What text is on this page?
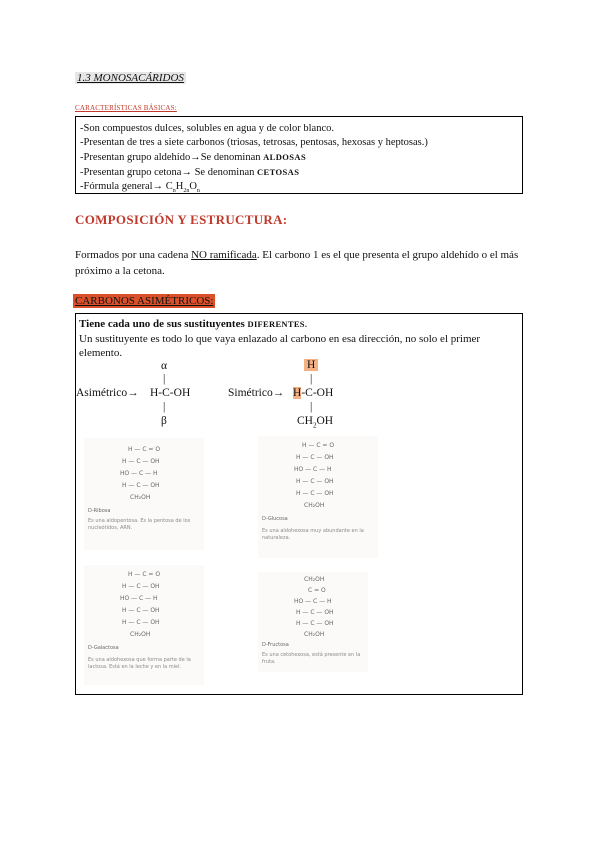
1.3 MONOSACÁRIDOS
CARACTERÍSTICAS BÁSICAS:
-Son compuestos dulces, solubles en agua y de color blanco.
-Presentan de tres a siete carbonos (triosas, tetrosas, pentosas, hexosas y heptosas.)
-Presentan grupo aldehído→Se denominan ALDOSAS
-Presentan grupo cetona→ Se denominan CETOSAS
-Fórmula general→ $C_nH_{2n}O_n$
COMPOSICIÓN Y ESTRUCTURA:
Formados por una cadena NO ramificada. El carbono 1 es el que presenta el grupo aldehído o el más próximo a la cetona.
CARBONOS ASIMÉTRICOS:
Tiene cada uno de sus sustituyentes DIFERENTES.
Un sustituyente es todo lo que vaya enlazado al carbono en esa dirección, no solo el primer elemento.
α
|
Asimétrico→ H-C-OH
|
β
H
|
Simétrico→ H-C-OH
|
$CH_2OH$
H — C = O
H — C — OH
HO — C — H
H — C — OH
CH₂OH
D-Ribosa
Es una aldopentosa. Es la pentosa de los nucleótidos, ARN.
H — C = O
H — C — OH
HO — C — H
H — C — OH
H — C — OH
CH₂OH
D-Glucosa
Es una aldohexosa muy abundante en la naturaleza.
H — C = O
H — C — OH
HO — C — H
H — C — OH
H — C — OH
CH₂OH
D-Galactosa
Es una aldohexosa que forma parte de la lactosa. Está en la leche y en la miel.
CH₂OH
C = O
HO — C — H
H — C — OH
H — C — OH
CH₂OH
D-Fructosa
Es una cetohexosa, está presente en la fruta.
